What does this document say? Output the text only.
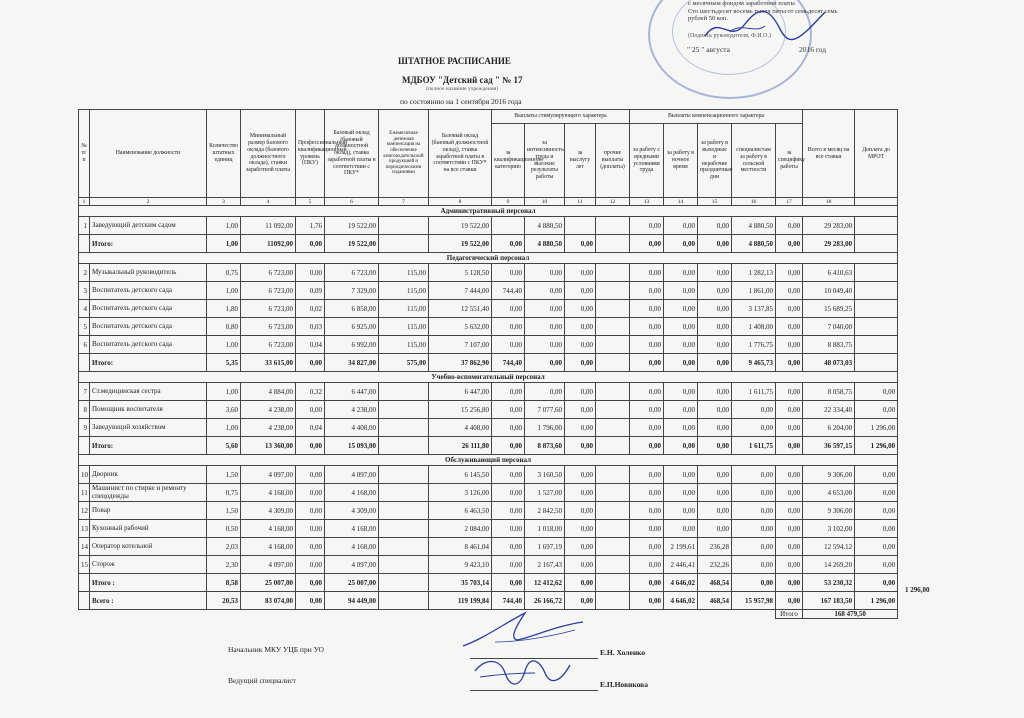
с месячным фондом заработной платы
Сто шестьдесят восемь тысяч пятьсот семьдесят семь
рублей 50 коп.
(Подпись руководителя, Ф.И.О.)
" 25 " августа	2016 год
ШТАТНОЕ РАСПИСАНИЕ
МДБОУ "Детский сад " № 17
(полное название учреждения)
по состоянию на 1 сентября 2016 года
№ п/п	Наименование должности	Количество штатных единиц	Минимальный размер базового оклада (базового должностного оклада), ставки заработной платы	Профессиональный квалификационный уровень (ПКУ)	Базовый оклад (базовый должностной оклад), ставка заработной платы в соответствии с ПКУ*	Ежемесячная денежная компенсация на обеспечение книгоиздательской продукцией и периодическими изданиями	Базовый оклад (базовый должностной оклад), ставка заработной платы в соответствии с ПКУ* на все ставки	Выплаты стимулирующего характера				Выплаты компенсационного характера					Всего в месяц на все ставки	Доплата до МРОТ
								за квалификационную категорию	за интенсивность труда и высокие результаты работы	за выслугу лет	прочие выплаты (доплаты)	за работу с вредными условиями труда	за работу в ночное время	за работу в выходные и нерабочие праздничные дни	специалистам за работу в сельской местности	за специфику работы		
1	2	3	4	5	6	7	8	9	10	11	12	13	14	15	16	17	18	
Административный персонал																		
1	Заведующий детским садом	1,00	11 092,00	1,76	19 522,00		19 522,00		4 880,50			0,00	0,00	0,00	4 880,50	0,00	29 283,00	
	Итого:	1,00	11092,00	0,00	19 522,00		19 522,00	0,00	4 880,50	0,00		0,00	0,00	0,00	4 880,50	0,00	29 283,00	
Педагогический персонал																		
2	Музыкальный руководитель	0,75	6 723,00	0,00	6 723,00	115,00	5 128,50	0,00	0,00	0,00		0,00	0,00	0,00	1 282,13	0,00	6 410,63	
3	Воспитатель детского сада	1,00	6 723,00	0,09	7 329,00	115,00	7 444,00	744,40	0,00	0,00		0,00	0,00	0,00	1 861,00	0,00	10 049,40	
4	Воспитатель детского сада	1,80	6 723,00	0,02	6 858,00	115,00	12 551,40	0,00	0,00	0,00		0,00	0,00	0,00	3 137,85	0,00	15 689,25	
5	Воспитатель детского сада	0,80	6 723,00	0,03	6 925,00	115,00	5 632,00	0,00	0,00	0,00		0,00	0,00	0,00	1 408,00	0,00	7 040,00	
6	Воспитатель детского сада	1,00	6 723,00	0,04	6 992,00	115,00	7 107,00	0,00	0,00	0,00		0,00	0,00	0,00	1 776,75	0,00	8 883,75	
	Итого:	5,35	33 615,00	0,00	34 827,00	575,00	37 862,90	744,40	0,00	0,00		0,00	0,00	0,00	9 465,73	0,00	48 073,03	
Учебно-вспомогательный персонал																		
7	Ст.медицинская сестра	1,00	4 884,00	0,32	6 447,00		6 447,00	0,00	0,00	0,00		0,00	0,00	0,00	1 611,75	0,00	8 058,75	0,00
8	Помощник воспитателя	3,60	4 238,00	0,00	4 238,00		15 256,80	0,00	7 077,60	0,00		0,00	0,00	0,00	0,00	0,00	22 334,40	0,00
9	Заведующий хозяйством	1,00	4 238,00	0,04	4 408,00		4 408,00	0,00	1 796,00	0,00		0,00	0,00	0,00	0,00	0,00	6 204,00	1 296,00
	Итого:	5,60	13 360,00	0,00	15 093,00		26 111,80	0,00	8 873,60	0,00		0,00	0,00	0,00	1 611,75	0,00	36 597,15	1 296,00
Обслуживающий персонал																		
10	Дворник	1,50	4 097,00	0,00	4 097,00		6 145,50	0,00	3 160,50	0,00		0,00	0,00	0,00	0,00	0,00	9 306,00	0,00
11	Машинист по стирке и ремонту спецодежды	0,75	4 168,00	0,00	4 168,00		3 126,00	0,00	1 527,00	0,00		0,00	0,00	0,00	0,00	0,00	4 653,00	0,00
12	Повар	1,50	4 309,00	0,00	4 309,00		6 463,50	0,00	2 842,50	0,00		0,00	0,00	0,00	0,00	0,00	9 306,00	0,00
13	Кухонный рабочий	0,50	4 168,00	0,00	4 168,00		2 084,00	0,00	1 018,00	0,00		0,00	0,00	0,00	0,00	0,00	3 102,00	0,00
14	Оператор котельной	2,03	4 168,00	0,00	4 168,00		8 461,04	0,00	1 697,19	0,00		0,00	2 199,61	236,28	0,00	0,00	12 594,12	0,00
15	Сторож	2,30	4 097,00	0,00	4 097,00		9 423,10	0,00	2 167,43	0,00		0,00	2 446,41	232,26	0,00	0,00	14 269,20	0,00
	Итого :	8,58	25 007,00	0,00	25 007,00		35 703,14	0,00	12 412,62	0,00		0,00	4 646,02	468,54	0,00	0,00	53 230,32	0,00
	Всего :	20,53	83 074,00	0,00	94 449,00		119 199,84	744,40	26 166,72	0,00		0,00	4 646,02	468,54	15 957,98	0,00	167 183,50	1 296,00
																Итого	168 479,50	
1 296,00
Начальник МКУ УЦБ при УО	Е.Н. Холенко
Ведущий специалист	Е.П.Новикова
